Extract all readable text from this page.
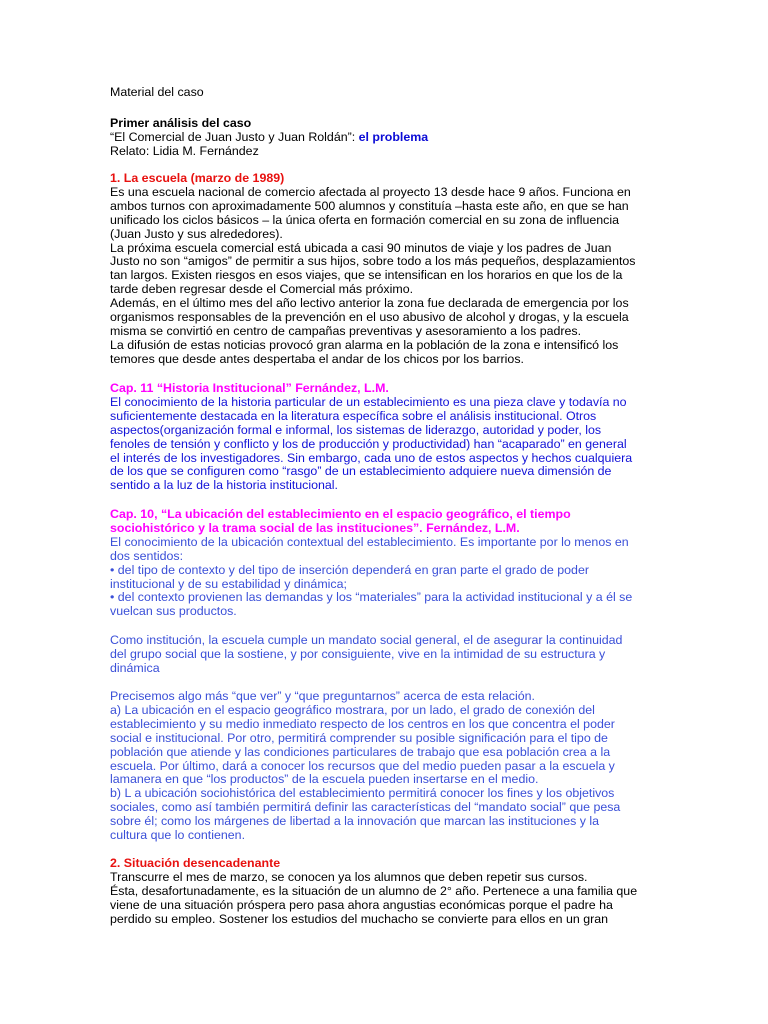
Material del caso
Primer análisis del caso
“El Comercial de Juan Justo y Juan Roldán”: el problema
Relato: Lidia M. Fernández
1. La escuela (marzo de 1989)
Es una escuela nacional de comercio afectada al proyecto 13 desde hace 9 años. Funciona en
ambos turnos con aproximadamente 500 alumnos y constituía –hasta este año, en que se han
unificado los ciclos básicos – la única oferta en formación comercial en su zona de influencia
(Juan Justo y sus alrededores).
La próxima escuela comercial está ubicada a casi 90 minutos de viaje y los padres de Juan
Justo no son “amigos” de permitir a sus hijos, sobre todo a los más pequeños, desplazamientos
tan largos. Existen riesgos en esos viajes, que se intensifican en los horarios en que los de la
tarde deben regresar desde el Comercial más próximo.
Además, en el último mes del año lectivo anterior la zona fue declarada de emergencia por los
organismos responsables de la prevención en el uso abusivo de alcohol y drogas, y la escuela
misma se convirtió en centro de campañas preventivas y asesoramiento a los padres.
La difusión de estas noticias provocó gran alarma en la población de la zona e intensificó los
temores que desde antes despertaba el andar de los chicos por los barrios.
Cap. 11 “Historia Institucional” Fernández, L.M.
El conocimiento de la historia particular de un establecimiento es una pieza clave y todavía no
suficientemente destacada en la literatura específica sobre el análisis institucional. Otros
aspectos(organización formal e informal, los sistemas de liderazgo, autoridad y poder, los
fenoles de tensión y conflicto y los de producción y productividad) han “acaparado” en general
el interés de los investigadores. Sin embargo, cada uno de estos aspectos y hechos cualquiera
de los que se configuren como “rasgo” de un establecimiento adquiere nueva dimensión de
sentido a la luz de la historia institucional.
Cap. 10, “La ubicación del establecimiento en el espacio geográfico, el tiempo
sociohistórico y la trama social de las instituciones”. Fernández, L.M.
El conocimiento de la ubicación contextual del establecimiento. Es importante por lo menos en
dos sentidos:
• del tipo de contexto y del tipo de inserción dependerá en gran parte el grado de poder
institucional y de su estabilidad y dinámica;
• del contexto provienen las demandas y los “materiales” para la actividad institucional y a él se
vuelcan sus productos.
Como institución, la escuela cumple un mandato social general, el de asegurar la continuidad
del grupo social que la sostiene, y por consiguiente, vive en la intimidad de su estructura y
dinámica
Precisemos algo más “que ver” y “que preguntarnos” acerca de esta relación.
a) La ubicación en el espacio geográfico mostrara, por un lado, el grado de conexión del
establecimiento y su medio inmediato respecto de los centros en los que concentra el poder
social e institucional. Por otro, permitirá comprender su posible significación para el tipo de
población que atiende y las condiciones particulares de trabajo que esa población crea a la
escuela. Por último, dará a conocer los recursos que del medio pueden pasar a la escuela y
lamanera en que “los productos” de la escuela pueden insertarse en el medio.
b) L a ubicación sociohistórica del establecimiento permitirá conocer los fines y los objetivos
sociales, como así también permitirá definir las características del “mandato social” que pesa
sobre él; como los márgenes de libertad a la innovación que marcan las instituciones y la
cultura que lo contienen.
2. Situación desencadenante
Transcurre el mes de marzo, se conocen ya los alumnos que deben repetir sus cursos.
Ésta, desafortunadamente, es la situación de un alumno de 2° año. Pertenece a una familia que
viene de una situación próspera pero pasa ahora angustias económicas porque el padre ha
perdido su empleo. Sostener los estudios del muchacho se convierte para ellos en un gran
